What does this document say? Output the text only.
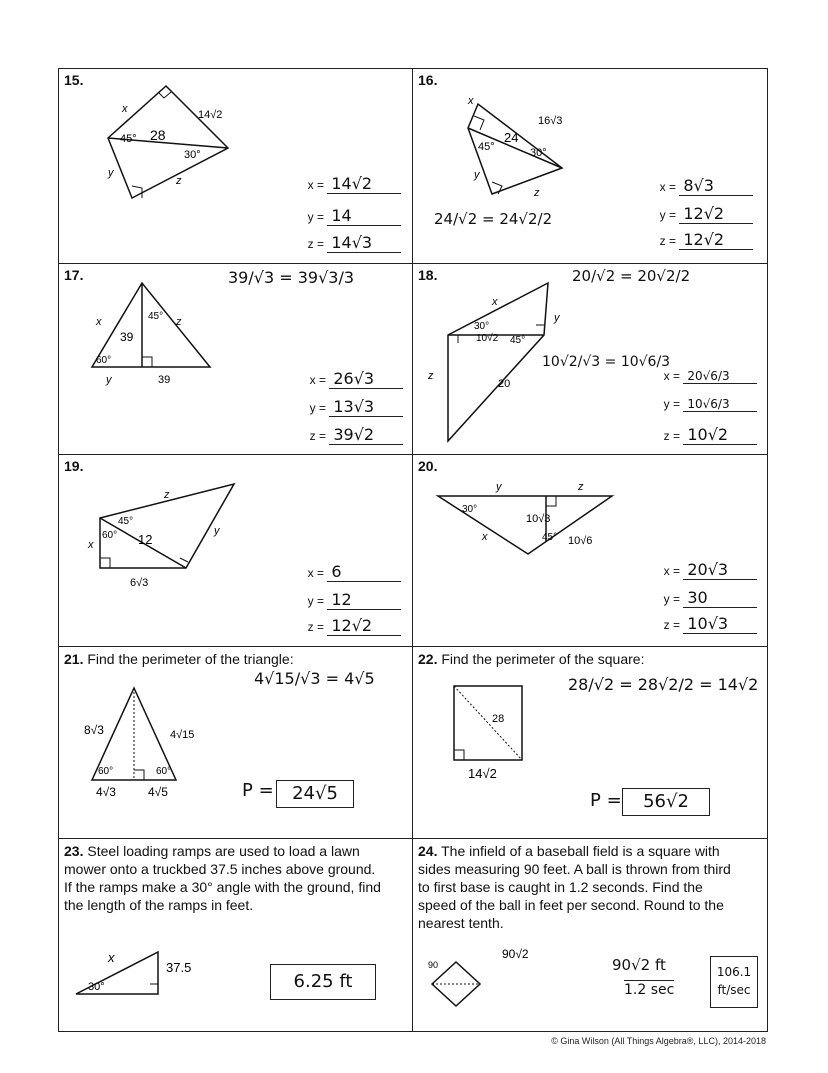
15.
x	14√2
45° 28
30°
y
z	x = 14√2
y = 14
z = 14√3
16.
x
16√3
45°
24
30°
y
z
24/√2 = 24√2/2
x = 8√3
y = 12√2
z = 12√2
17.
x	45°
39
z
60°
y	39
39/√3 = 39√3/3
x = 26√3
y = 13√3
z = 39√2
18.
x
30°
10√2 45°
y
z
20
20/√2 = 20√2/2
10√2/√3 = 10√6/3
x = 20√6/3
y = 10√6/3
z = 10√2
19.
z
45°
60° 12
x
y
6√3
x = 6
y = 12
z = 12√2
20.
y	z
30°
10√3
45° 10√6
x
x = 20√3
y = 30
z = 10√3
21. Find the perimeter of the triangle:
8√3	4√15
60°	60°
4√3	4√5
4√15/√3 = 4√5
P =	24√5
22. Find the perimeter of the square:
28
14√2
28/√2 = 28√2/2 = 14√2
P =	56√2
23. Steel loading ramps are used to load a lawn mower onto a truckbed 37.5 inches above ground. If the ramps make a 30° angle with the ground, find the length of the ramps in feet.
x
37.5
30°	6.25 ft
24. The infield of a baseball field is a square with sides measuring 90 feet. A ball is thrown from third to first base is caught in 1.2 seconds. Find the speed of the ball in feet per second. Round to the nearest tenth.
90
90√2
90√2 ft
1.2 sec
106.1 ft/sec
© Gina Wilson (All Things Algebra®, LLC), 2014-2018
